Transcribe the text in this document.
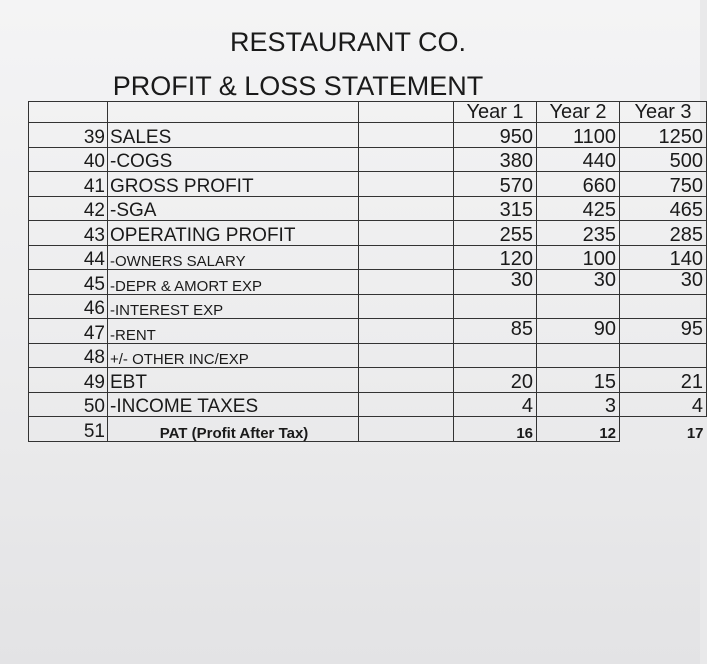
RESTAURANT CO.
PROFIT & LOSS STATEMENT
				Year 1	Year 2	Year 3
	39	SALES		950	1100	1250
	40	-COGS		380	440	500
	41	GROSS PROFIT		570	660	750
	42	-SGA		315	425	465
	43	OPERATING PROFIT		255	235	285
	44	-OWNERS SALARY		120	100	140
	45	-DEPR & AMORT EXP		30	30	30
	46	-INTEREST EXP				
	47	-RENT		85	90	95
	48	+/- OTHER INC/EXP				
	49	EBT		20	15	21
	50	-INCOME TAXES		4	3	4
	51	PAT (Profit After Tax)		16	12	17
